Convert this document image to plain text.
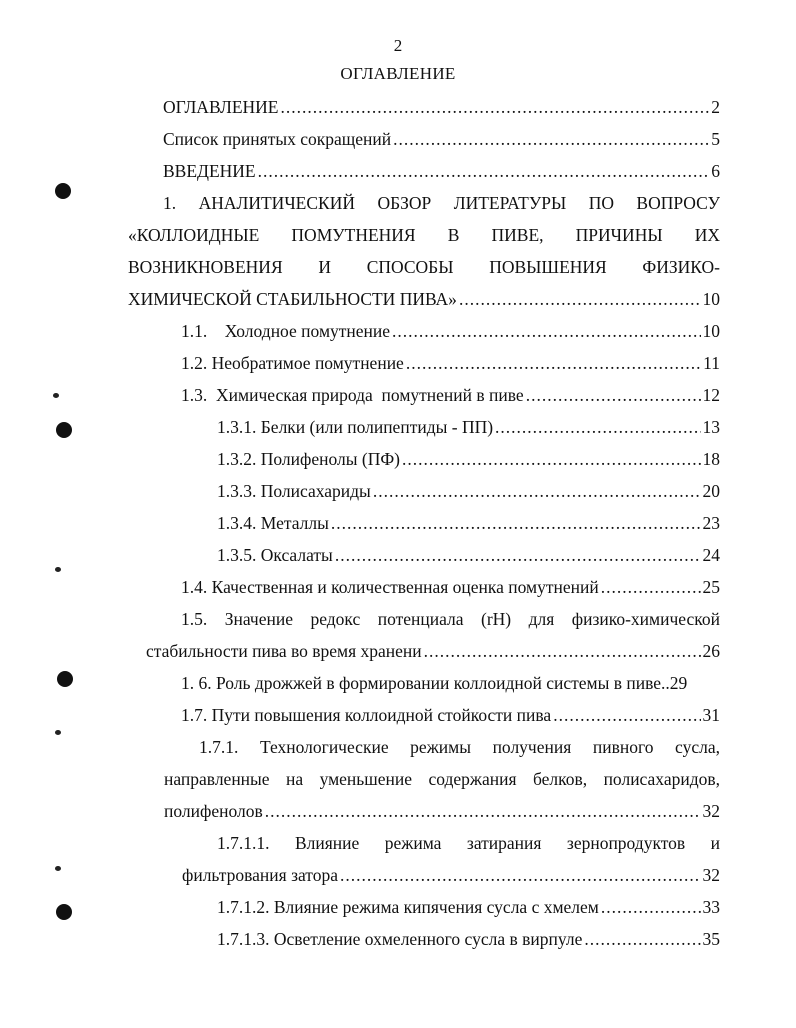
2
ОГЛАВЛЕНИЕ
ОГЛАВЛЕНИЕ .....	2
Список принятых сокращений .....	5
ВВЕДЕНИЕ .....	6
1. АНАЛИТИЧЕСКИЙ ОБЗОР ЛИТЕРАТУРЫ ПО ВОПРОСУ
«КОЛЛОИДНЫЕ ПОМУТНЕНИЯ В ПИВЕ, ПРИЧИНЫ ИХ
ВОЗНИКНОВЕНИЯ И СПОСОБЫ ПОВЫШЕНИЯ ФИЗИКО-
ХИМИЧЕСКОЙ СТАБИЛЬНОСТИ ПИВА» .....	10
1.1.    Холодное помутнение .....	10
1.2. Необратимое помутнение .....	11
1.3.  Химическая природа  помутнений в пиве .....	12
1.3.1. Белки (или полипептиды - ПП) .....	13
1.3.2. Полифенолы (ПФ) .....	18
1.3.3. Полисахариды .....	20
1.3.4. Металлы .....	23
1.3.5. Оксалаты .....	24
1.4. Качественная и количественная оценка помутнений .....	25
1.5. Значение редокс потенциала (rH) для физико-химической
стабильности пива во время хранени .....	26
1. 6. Роль дрожжей в формировании коллоидной системы в пиве.. 29
1.7. Пути повышения коллоидной стойкости пива .....	31
1.7.1. Технологические режимы получения пивного сусла,
направленные на уменьшение содержания белков, полисахаридов,
полифенолов .....	32
1.7.1.1. Влияние режима затирания зернопродуктов и
фильтрования затора .....	32
1.7.1.2. Влияние режима кипячения сусла с хмелем .....	33
1.7.1.3. Осветление охмеленного сусла в вирпуле .....	35
